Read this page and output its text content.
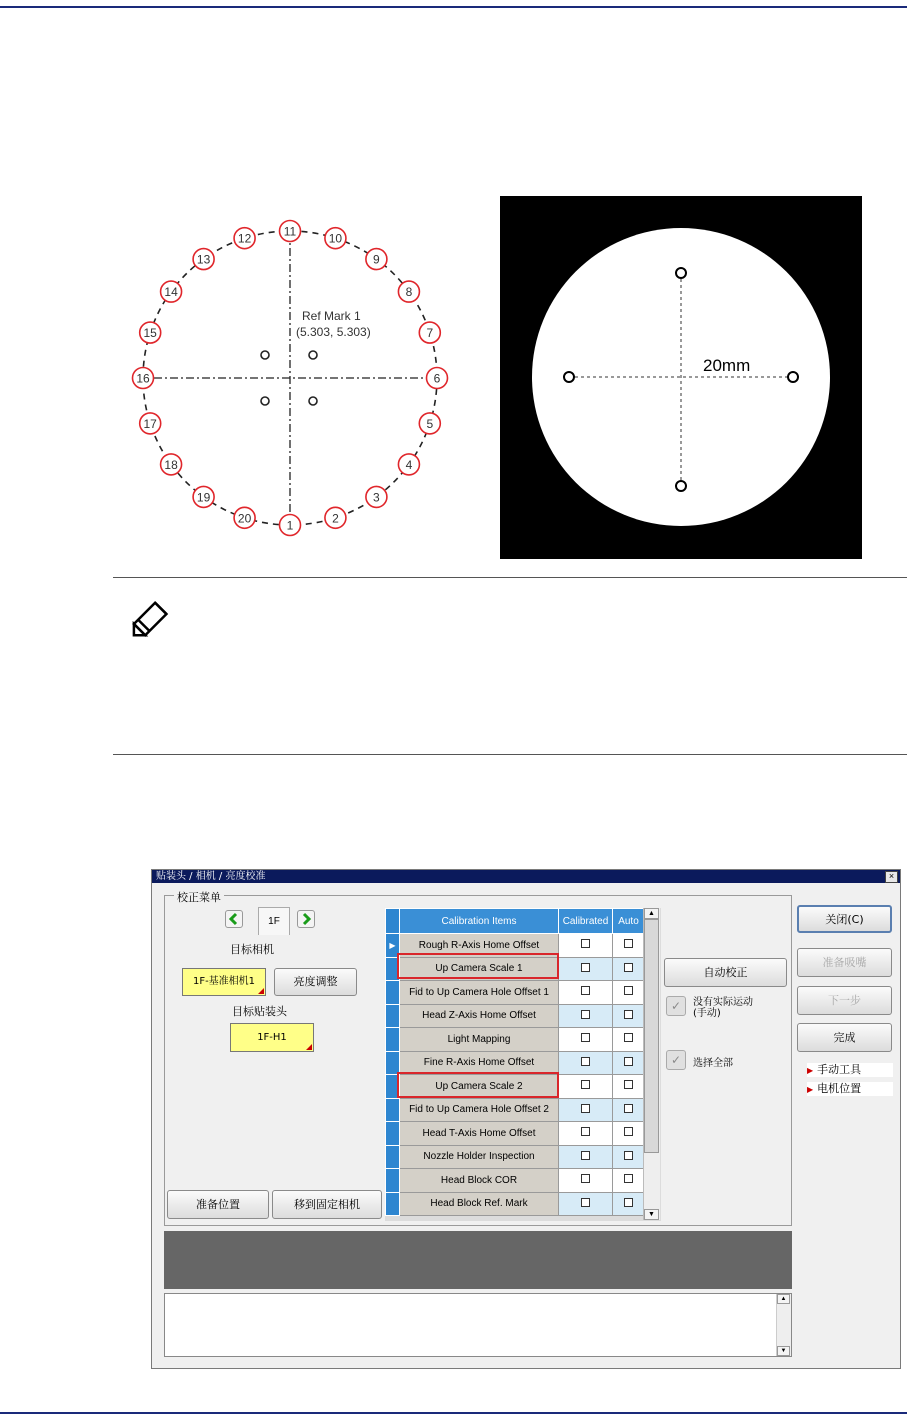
Ref Mark 1
(5.303, 5.303)
1
2
3
4
5
6
7
8
9
10
11
12
13
14
15
16
17
18
19
20
20mm
贴装头 / 相机 / 亮度校准	×
校正菜单
1F
目标相机
1F-基准相机1	亮度调整
目标贴装头
1F-H1
准备位置	移到固定相机
	Calibration Items	Calibrated	Auto
▶	Rough R-Axis Home Offset		
	Up Camera Scale 1		
	Fid to Up Camera Hole Offset 1		
	Head Z-Axis Home Offset		
	Light Mapping		
	Fine R-Axis Home Offset		
	Up Camera Scale 2		
	Fid to Up Camera Hole Offset 2		
	Head T-Axis Home Offset		
	Nozzle Holder Inspection		
	Head Block COR		
	Head Block Ref. Mark		
▲
▼
自动校正
✓	没有实际运动
(手动)
✓	选择全部
关闭(C)
准备吸嘴
下一步
完成
▶ 手动工具
▶ 电机位置
▲
▼
